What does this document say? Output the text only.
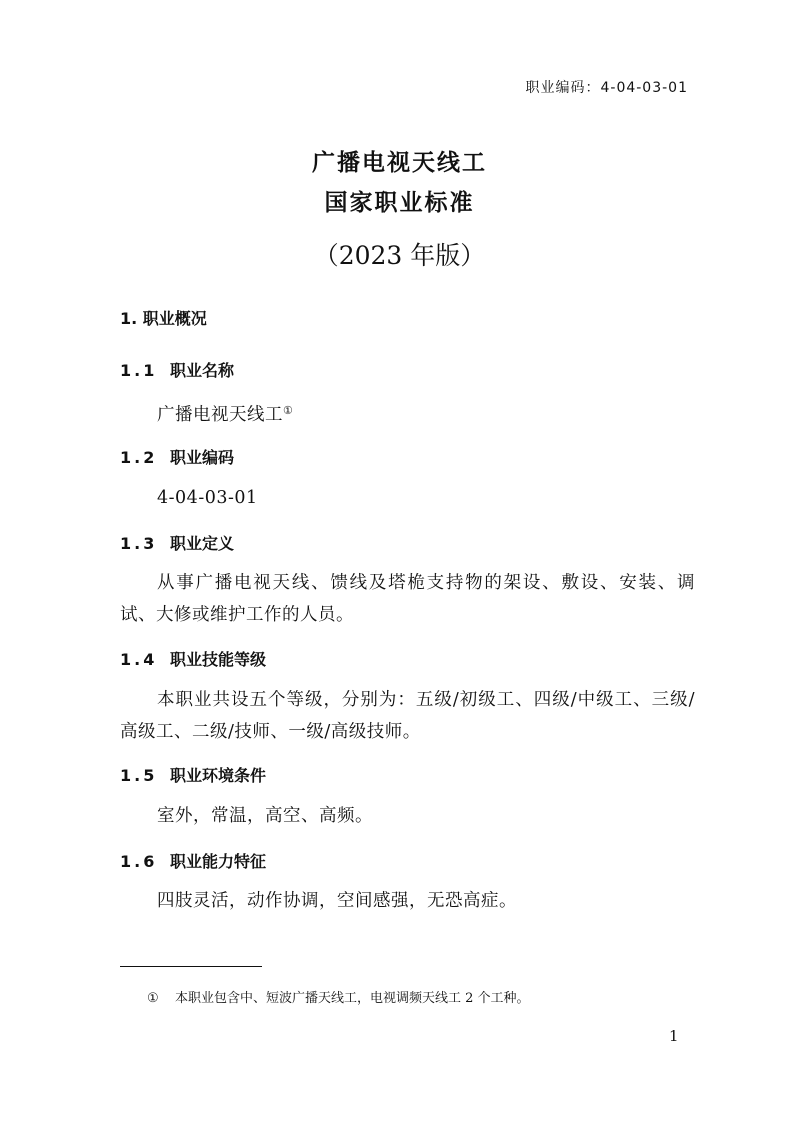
职业编码：4-04-03-01
广播电视天线工
国家职业标准
（2023 年版）
1. 职业概况
1.1 职业名称
广播电视天线工①
1.2 职业编码
4-04-03-01
1.3 职业定义
从事广播电视天线、馈线及塔桅支持物的架设、敷设、安装、调试、大修或维护工作的人员。
1.4 职业技能等级
本职业共设五个等级，分别为：五级/初级工、四级/中级工、三级/高级工、二级/技师、一级/高级技师。
1.5 职业环境条件
室外，常温，高空、高频。
1.6 职业能力特征
四肢灵活，动作协调，空间感强，无恐高症。
① 本职业包含中、短波广播天线工，电视调频天线工 2 个工种。
1
